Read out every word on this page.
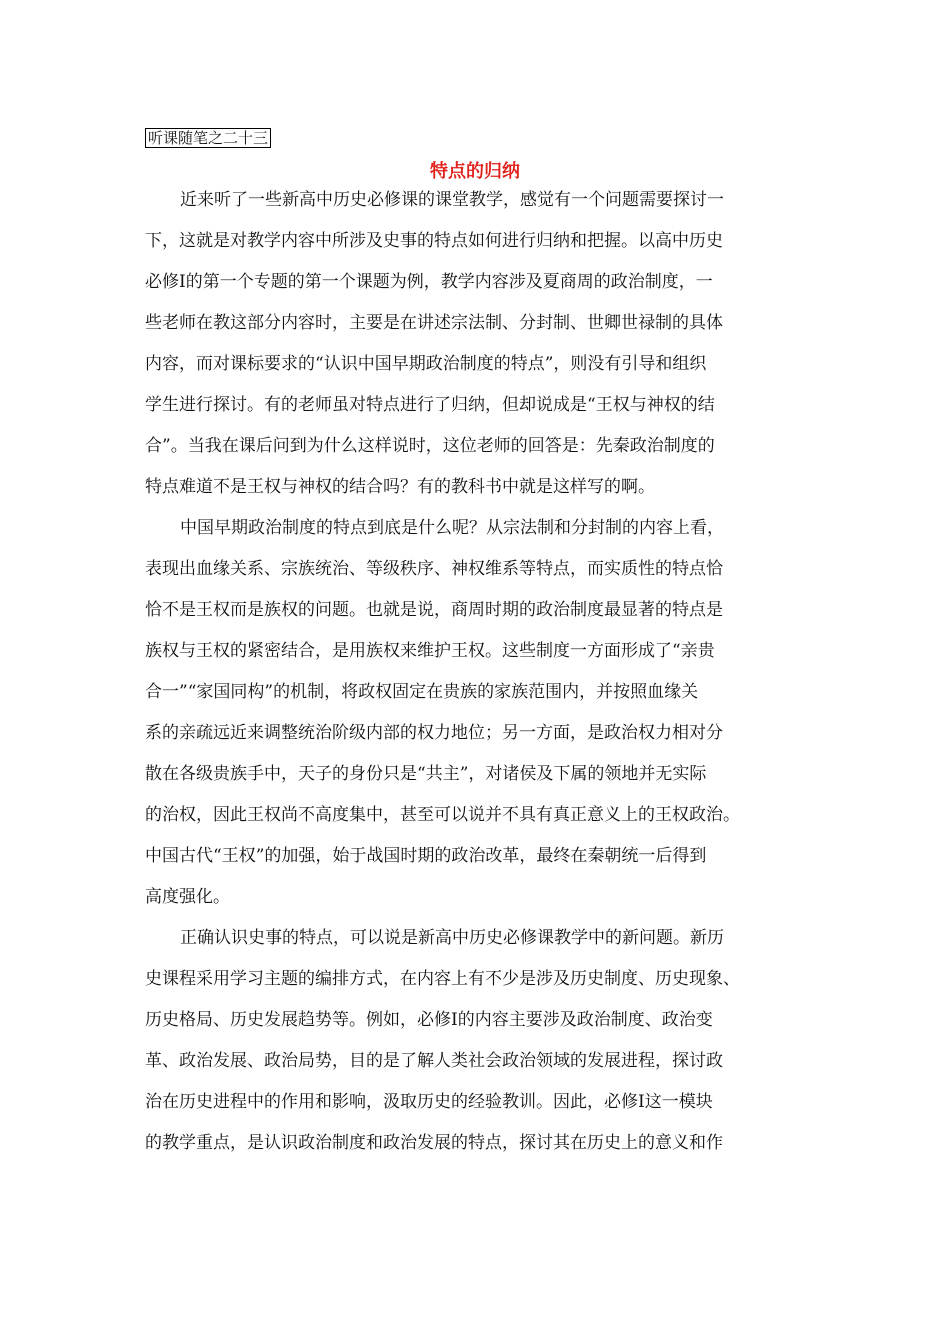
听课随笔之二十三
特点的归纳
近来听了一些新高中历史必修课的课堂教学，感觉有一个问题需要探讨一
下，这就是对教学内容中所涉及史事的特点如何进行归纳和把握。以高中历史
必修Ⅰ的第一个专题的第一个课题为例，教学内容涉及夏商周的政治制度，一
些老师在教这部分内容时，主要是在讲述宗法制、分封制、世卿世禄制的具体
内容，而对课标要求的“认识中国早期政治制度的特点”，则没有引导和组织
学生进行探讨。有的老师虽对特点进行了归纳，但却说成是“王权与神权的结
合”。当我在课后问到为什么这样说时，这位老师的回答是：先秦政治制度的
特点难道不是王权与神权的结合吗？有的教科书中就是这样写的啊。
中国早期政治制度的特点到底是什么呢？从宗法制和分封制的内容上看，
表现出血缘关系、宗族统治、等级秩序、神权维系等特点，而实质性的特点恰
恰不是王权而是族权的问题。也就是说，商周时期的政治制度最显著的特点是
族权与王权的紧密结合，是用族权来维护王权。这些制度一方面形成了“亲贵
合一”“家国同构”的机制，将政权固定在贵族的家族范围内，并按照血缘关
系的亲疏远近来调整统治阶级内部的权力地位；另一方面，是政治权力相对分
散在各级贵族手中，天子的身份只是“共主”，对诸侯及下属的领地并无实际
的治权，因此王权尚不高度集中，甚至可以说并不具有真正意义上的王权政治。
中国古代“王权”的加强，始于战国时期的政治改革，最终在秦朝统一后得到
高度强化。
正确认识史事的特点，可以说是新高中历史必修课教学中的新问题。新历
史课程采用学习主题的编排方式，在内容上有不少是涉及历史制度、历史现象、
历史格局、历史发展趋势等。例如，必修Ⅰ的内容主要涉及政治制度、政治变
革、政治发展、政治局势，目的是了解人类社会政治领域的发展进程，探讨政
治在历史进程中的作用和影响，汲取历史的经验教训。因此，必修Ⅰ这一模块
的教学重点，是认识政治制度和政治发展的特点，探讨其在历史上的意义和作
